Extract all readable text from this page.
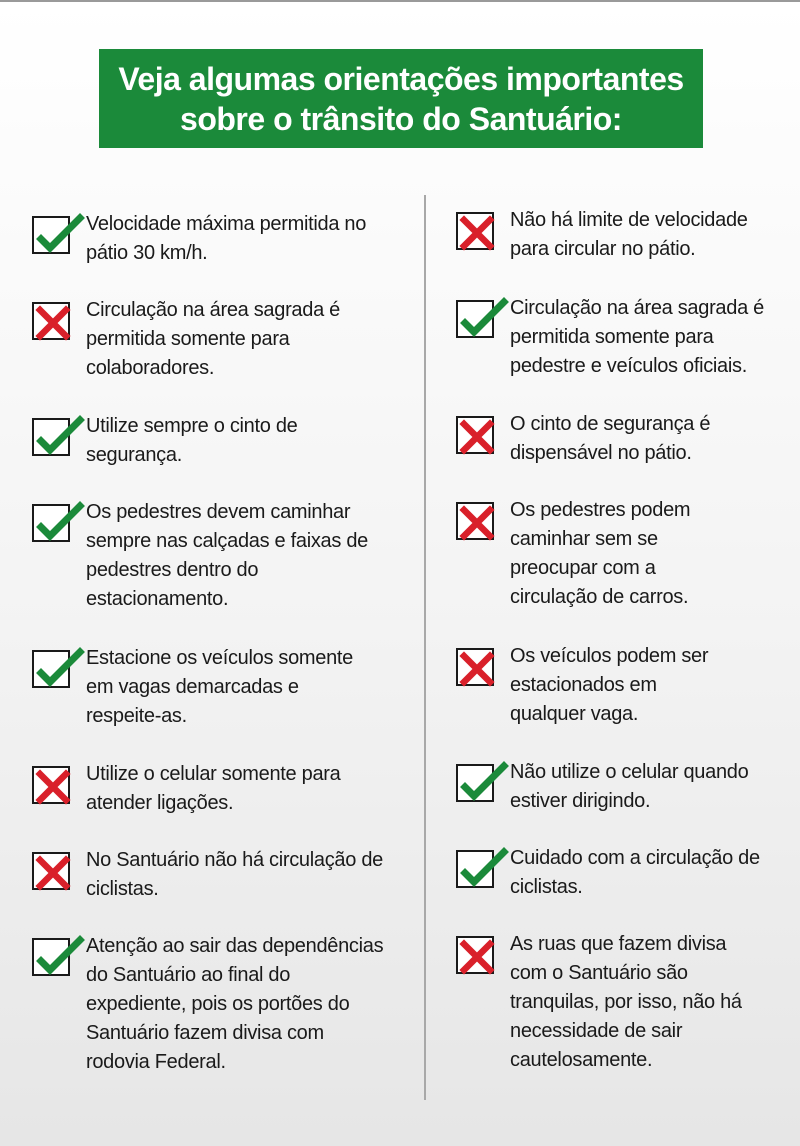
Veja algumas orientações importantes
sobre o trânsito do Santuário:
Velocidade máxima permitida no
pátio 30 km/h.
Circulação na área sagrada é
permitida somente para
colaboradores.
Utilize sempre o cinto de
segurança.
Os pedestres devem caminhar
sempre nas calçadas e faixas de
pedestres dentro do
estacionamento.
Estacione os veículos somente
em vagas demarcadas e
respeite-as.
Utilize o celular somente para
atender ligações.
No Santuário não há circulação de
ciclistas.
Atenção ao sair das dependências
do Santuário ao final do
expediente, pois os portões do
Santuário fazem divisa com
rodovia Federal.
Não há limite de velocidade
para circular no pátio.
Circulação na área sagrada é
permitida somente para
pedestre e veículos oficiais.
O cinto de segurança é
dispensável no pátio.
Os pedestres podem
caminhar sem se
preocupar com a
circulação de carros.
Os veículos podem ser
estacionados em
qualquer vaga.
Não utilize o celular quando
estiver dirigindo.
Cuidado com a circulação de
ciclistas.
As ruas que fazem divisa
com o Santuário são
tranquilas, por isso, não há
necessidade de sair
cautelosamente.
